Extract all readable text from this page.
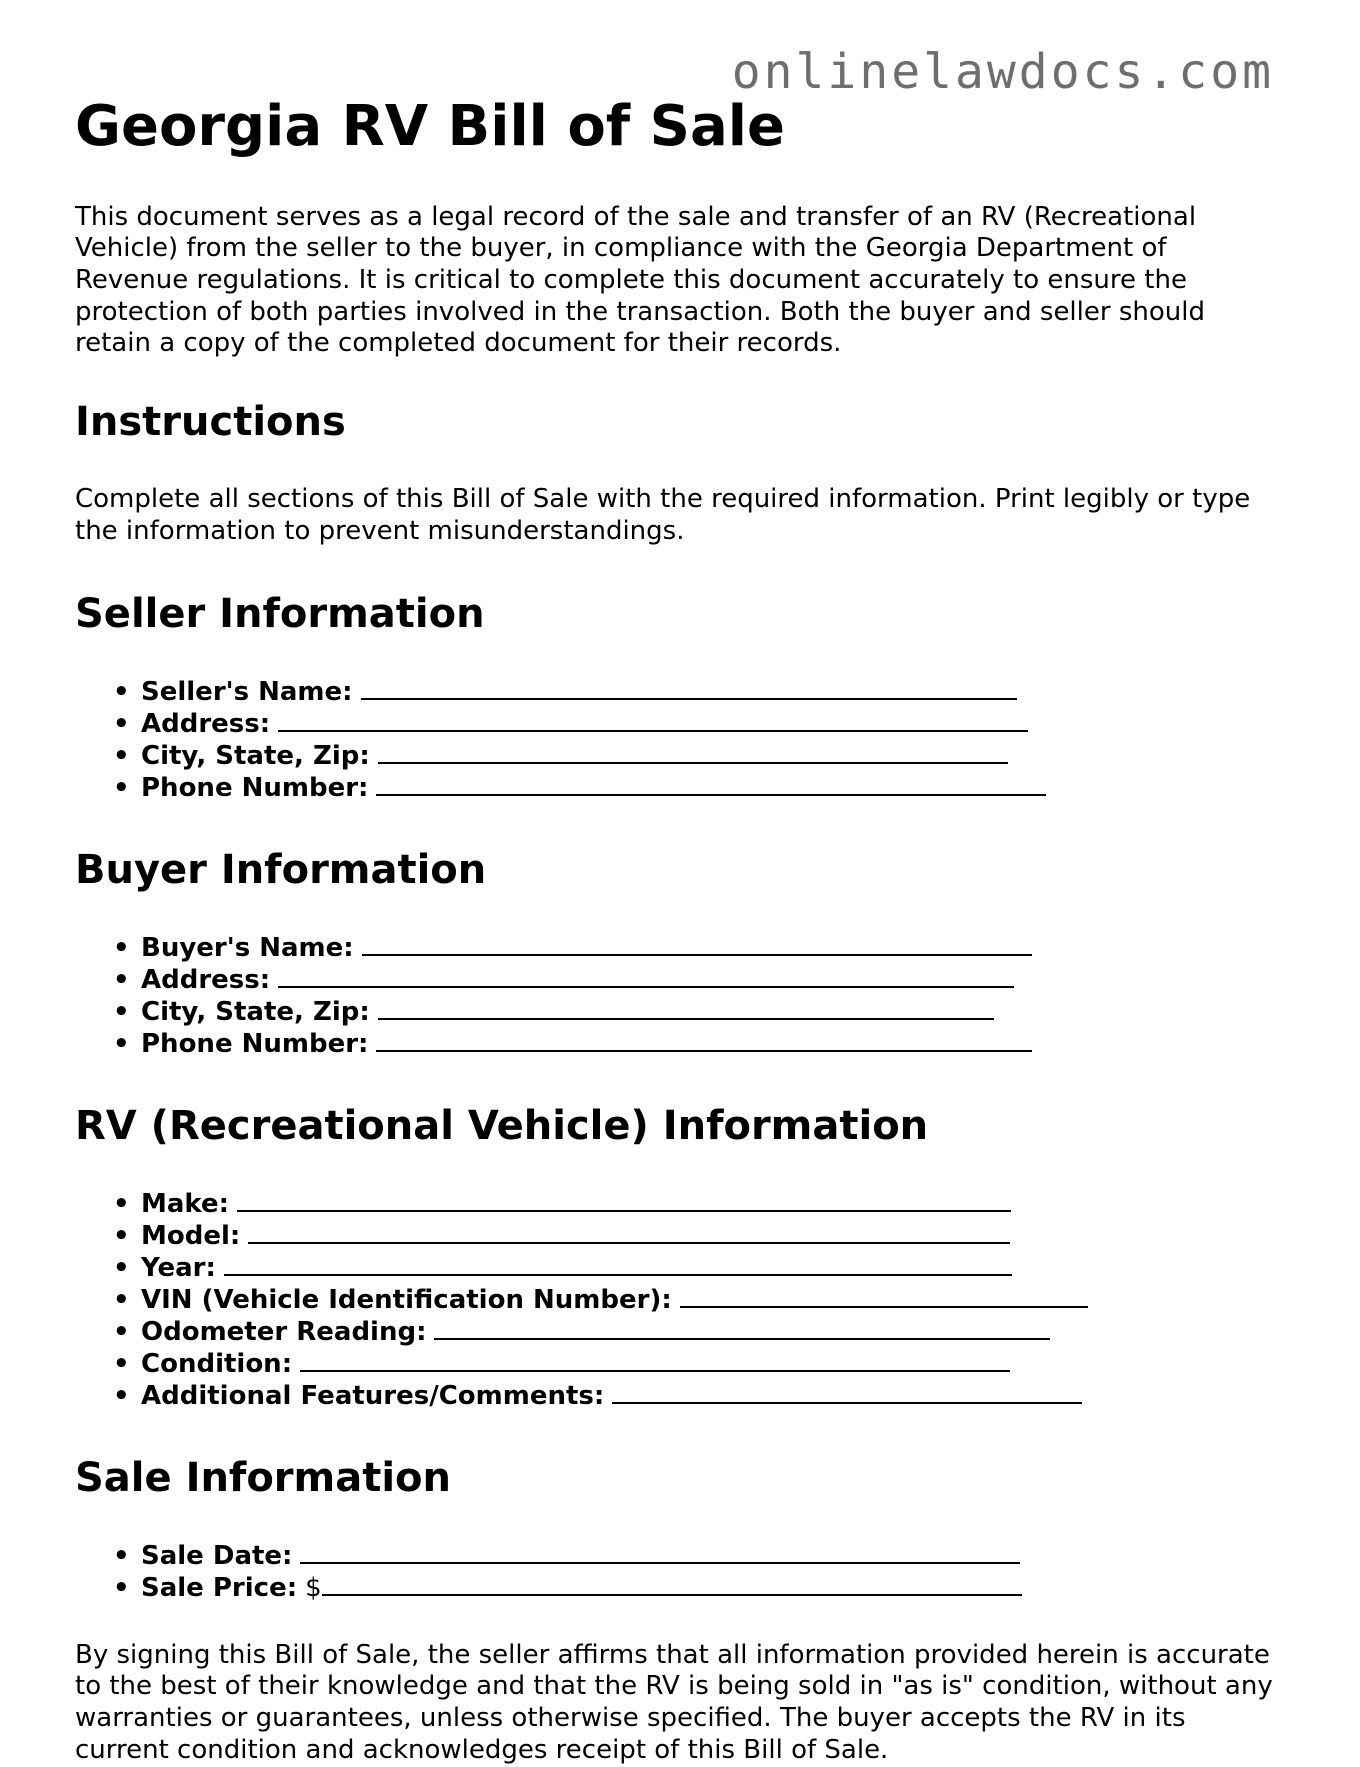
onlinelawdocs.com
Georgia RV Bill of Sale

This document serves as a legal record of the sale and transfer of an RV (Recreational Vehicle) from the seller to the buyer, in compliance with the Georgia Department of Revenue regulations. It is critical to complete this document accurately to ensure the protection of both parties involved in the transaction. Both the buyer and seller should retain a copy of the completed document for their records.

Instructions

Complete all sections of this Bill of Sale with the required information. Print legibly or type the information to prevent misunderstandings.

Seller Information
• Seller's Name:
• Address:
• City, State, Zip:
• Phone Number:
Buyer Information
• Buyer's Name:
• Address:
• City, State, Zip:
• Phone Number:
RV (Recreational Vehicle) Information
• Make:
• Model:
• Year:
• VIN (Vehicle Identification Number):
• Odometer Reading:
• Condition:
• Additional Features/Comments:
Sale Information
• Sale Date:
• Sale Price: $

By signing this Bill of Sale, the seller affirms that all information provided herein is accurate to the best of their knowledge and that the RV is being sold in "as is" condition, without any warranties or guarantees, unless otherwise specified. The buyer accepts the RV in its current condition and acknowledges receipt of this Bill of Sale.
